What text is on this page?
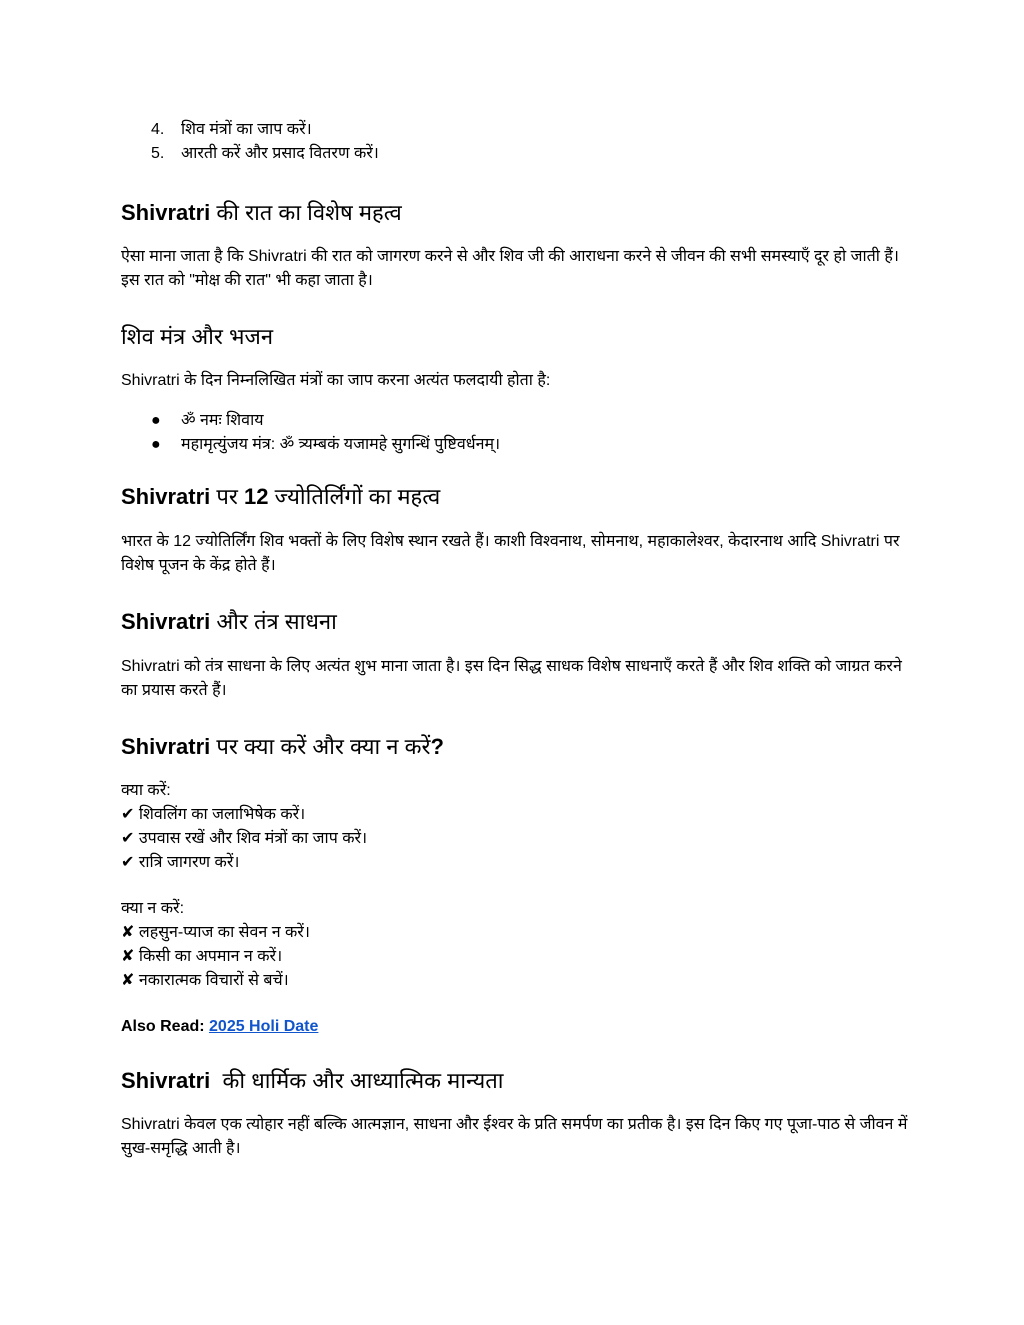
4.	शिव मंत्रों का जाप करें।
5.	आरती करें और प्रसाद वितरण करें।
Shivratri की रात का विशेष महत्व

ऐसा माना जाता है कि Shivratri की रात को जागरण करने से और शिव जी की आराधना करने से जीवन की सभी समस्याएँ दूर हो जाती हैं। इस रात को "मोक्ष की रात" भी कहा जाता है।

शिव मंत्र और भजन

Shivratri के दिन निम्नलिखित मंत्रों का जाप करना अत्यंत फलदायी होता है:

●	ॐ नमः शिवाय
●	महामृत्युंजय मंत्र: ॐ त्र्यम्बकं यजामहे सुगन्धिं पुष्टिवर्धनम्।
Shivratri पर 12 ज्योतिर्लिंगों का महत्व

भारत के 12 ज्योतिर्लिंग शिव भक्तों के लिए विशेष स्थान रखते हैं। काशी विश्वनाथ, सोमनाथ, महाकालेश्वर, केदारनाथ आदि Shivratri पर विशेष पूजन के केंद्र होते हैं।

Shivratri और तंत्र साधना

Shivratri को तंत्र साधना के लिए अत्यंत शुभ माना जाता है। इस दिन सिद्ध साधक विशेष साधनाएँ करते हैं और शिव शक्ति को जाग्रत करने का प्रयास करते हैं।

Shivratri पर क्या करें और क्या न करें?
क्या करें:
✔ शिवलिंग का जलाभिषेक करें।
✔ उपवास रखें और शिव मंत्रों का जाप करें।
✔ रात्रि जागरण करें।
क्या न करें:
✘ लहसुन-प्याज का सेवन न करें।
✘ किसी का अपमान न करें।
✘ नकारात्मक विचारों से बचें।

Also Read: 2025 Holi Date

Shivratri  की धार्मिक और आध्यात्मिक मान्यता

Shivratri केवल एक त्योहार नहीं बल्कि आत्मज्ञान, साधना और ईश्वर के प्रति समर्पण का प्रतीक है। इस दिन किए गए पूजा-पाठ से जीवन में सुख-समृद्धि आती है।
